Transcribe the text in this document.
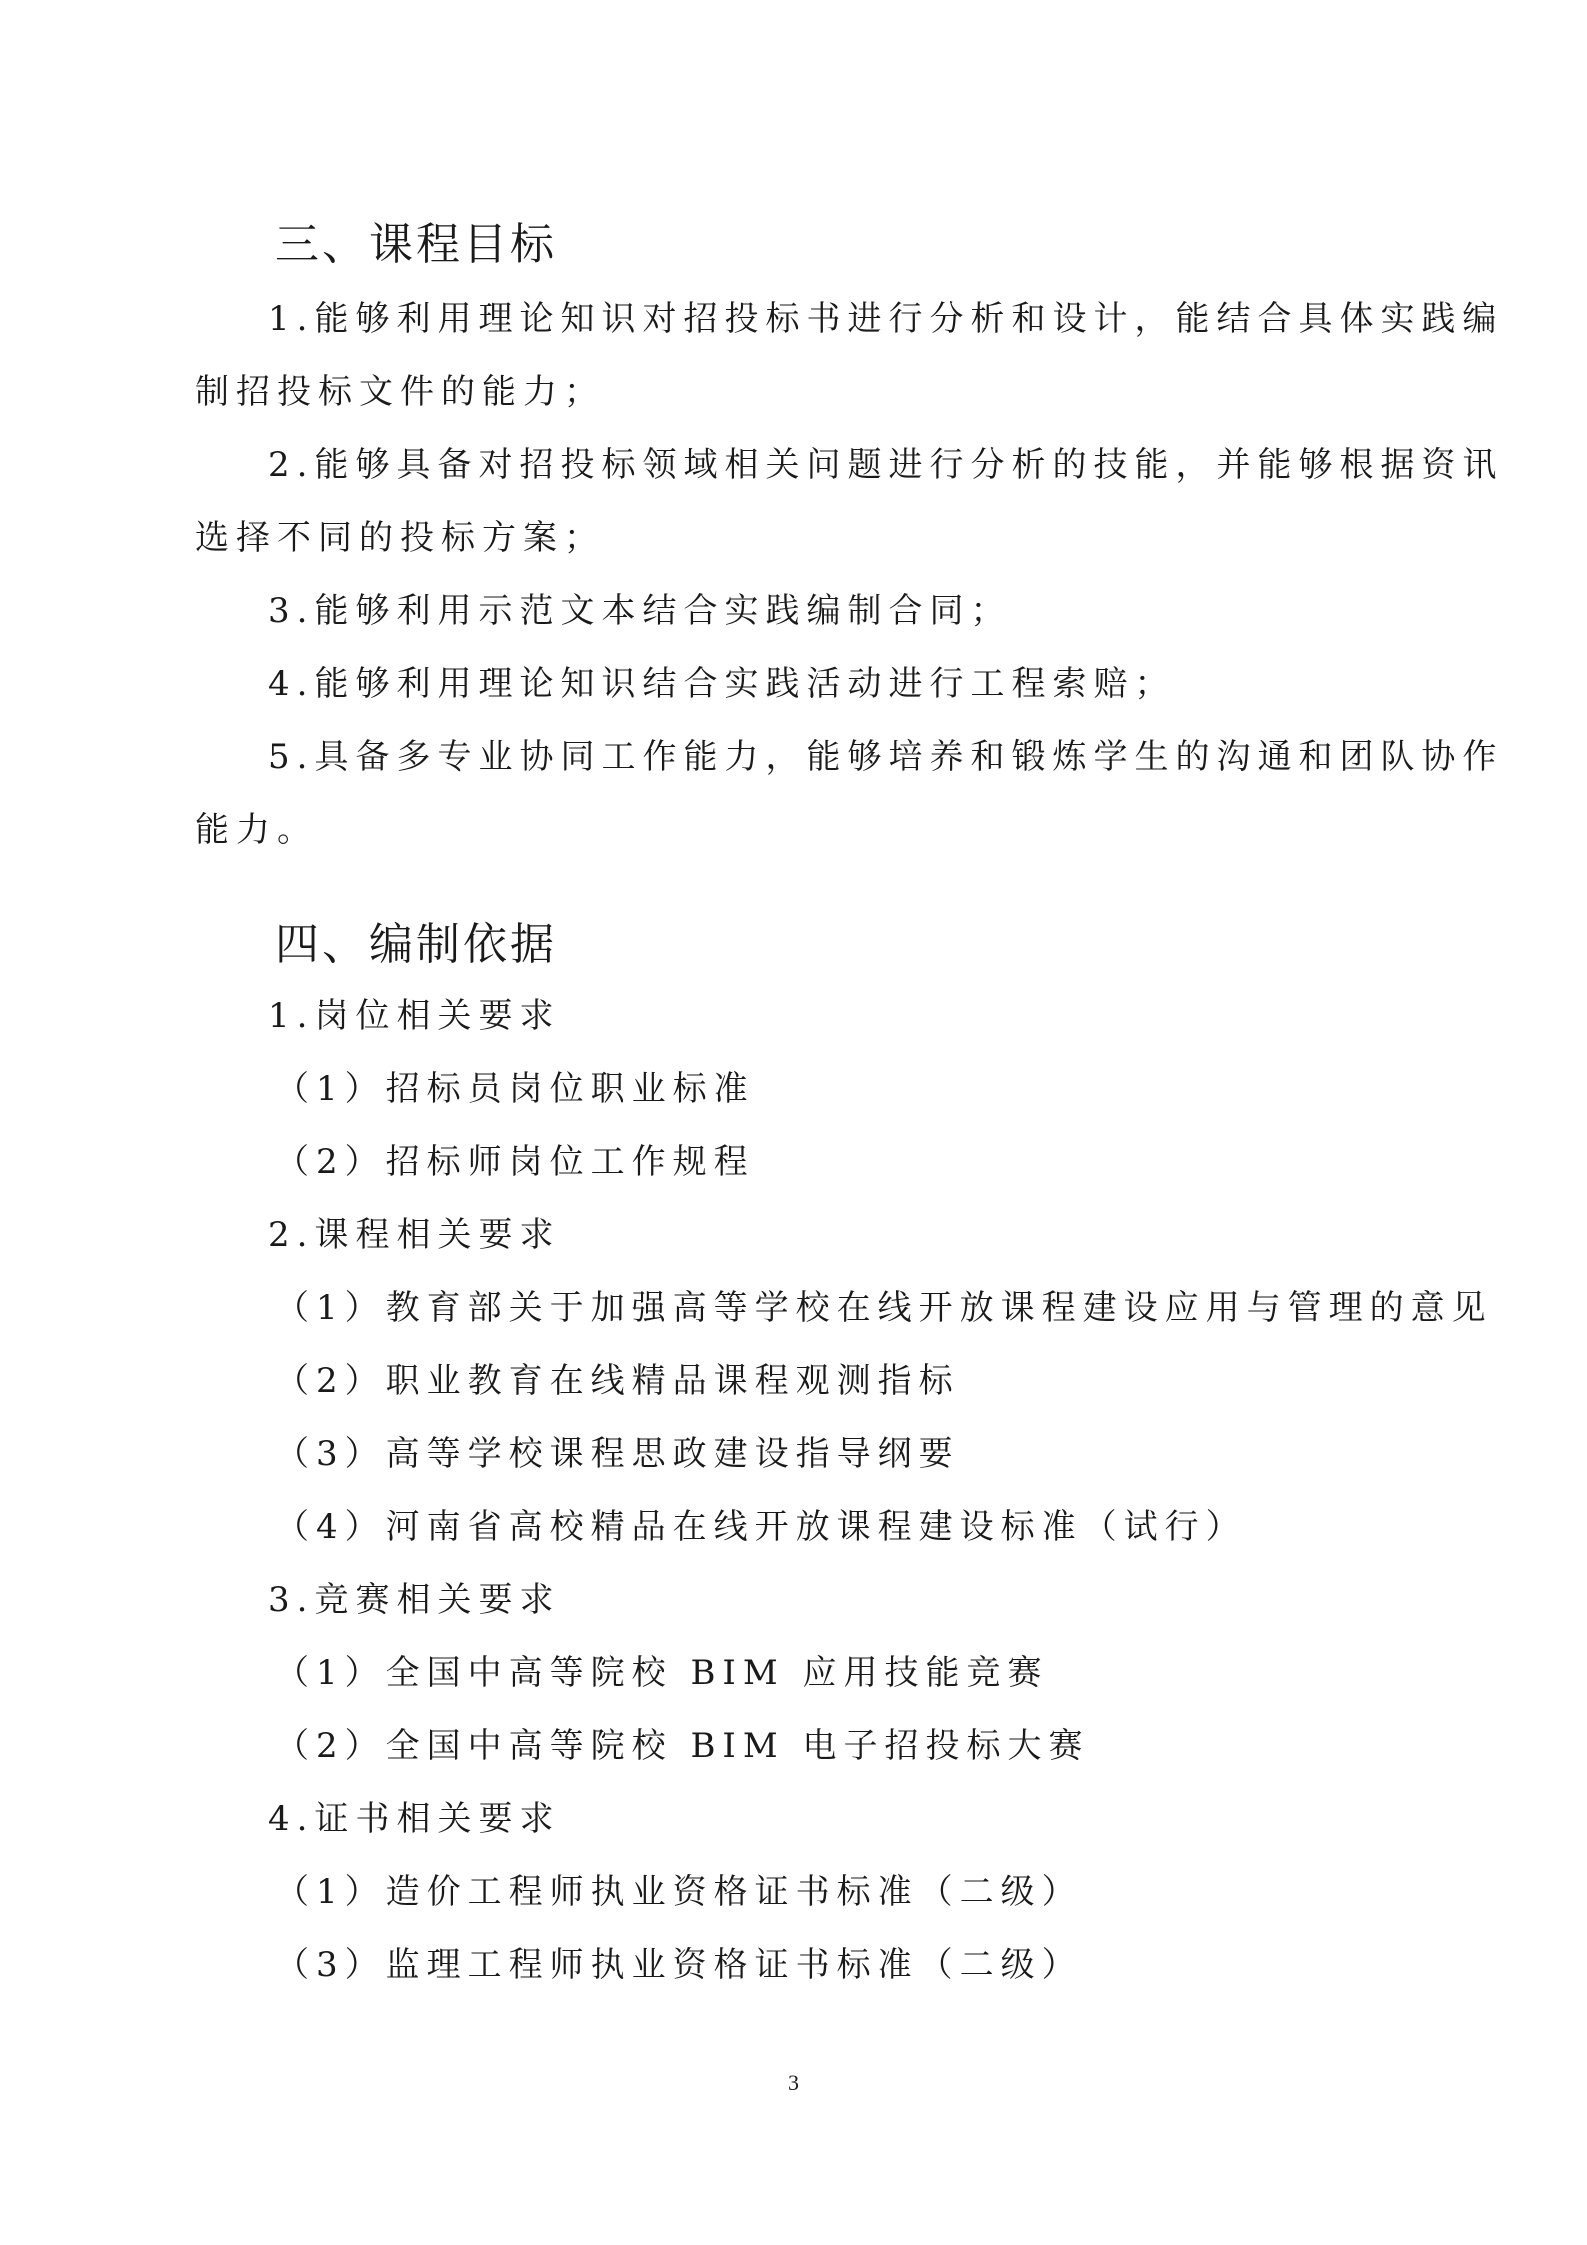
三、课程目标
1.能够利用理论知识对招投标书进行分析和设计，能结合具体实践编
制招投标文件的能力；
2.能够具备对招投标领域相关问题进行分析的技能，并能够根据资讯
选择不同的投标方案；
3.能够利用示范文本结合实践编制合同；
4.能够利用理论知识结合实践活动进行工程索赔；
5.具备多专业协同工作能力，能够培养和锻炼学生的沟通和团队协作
能力。
四、编制依据
1.岗位相关要求
（1）招标员岗位职业标准
（2）招标师岗位工作规程
2.课程相关要求
（1）教育部关于加强高等学校在线开放课程建设应用与管理的意见
（2）职业教育在线精品课程观测指标
（3）高等学校课程思政建设指导纲要
（4）河南省高校精品在线开放课程建设标准（试行）
3.竞赛相关要求
（1）全国中高等院校 BIM 应用技能竞赛
（2）全国中高等院校 BIM 电子招投标大赛
4.证书相关要求
（1）造价工程师执业资格证书标准（二级）
（3）监理工程师执业资格证书标准（二级）
3
